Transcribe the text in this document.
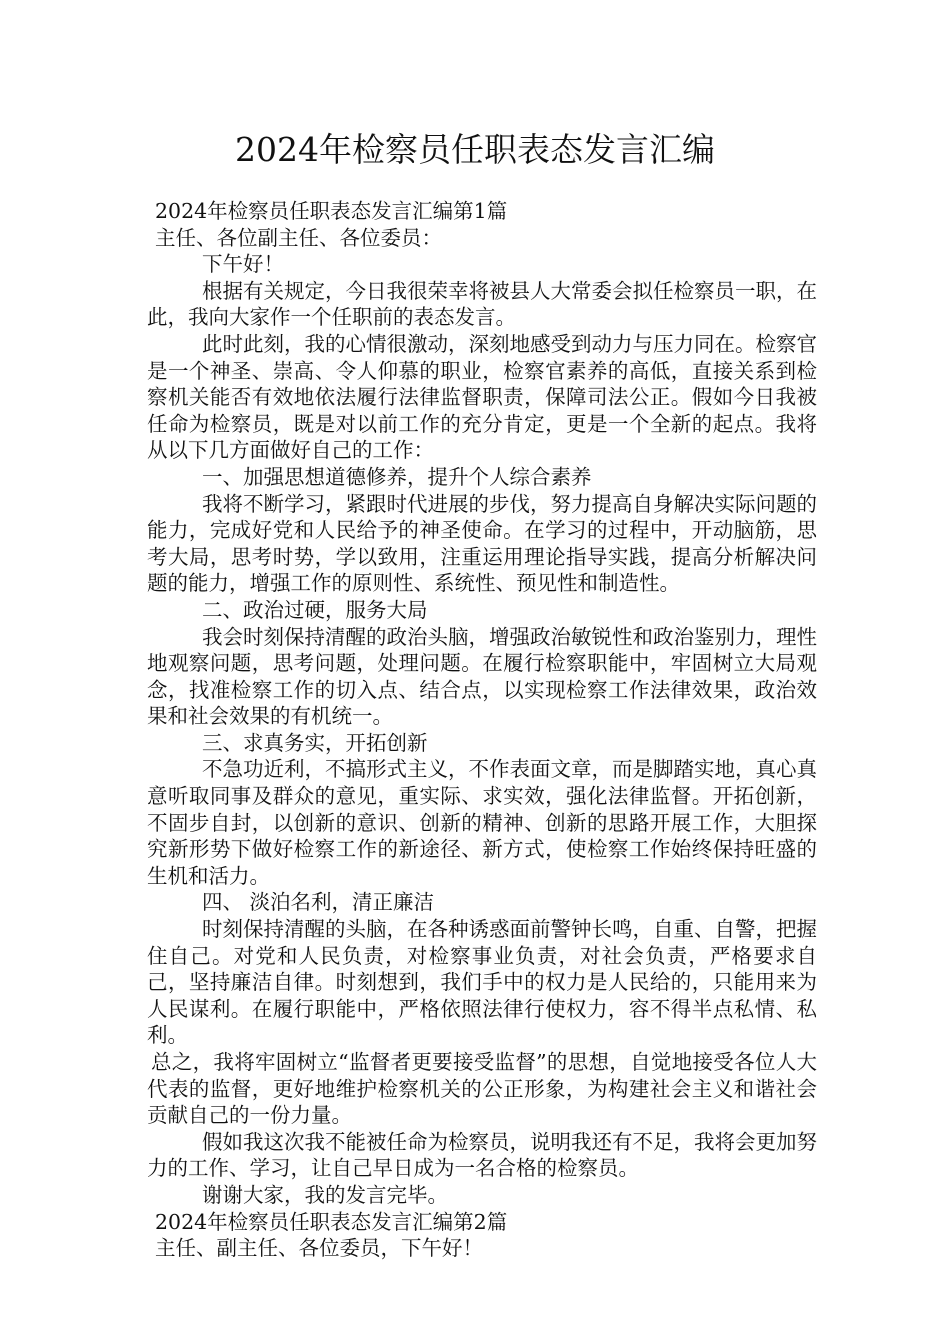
2024年检察员任职表态发言汇编

2024年检察员任职表态发言汇编第1篇

主任、各位副主任、各位委员：

下午好！

根据有关规定，今日我很荣幸将被县人大常委会拟任检察员一职，在此，我向大家作一个任职前的表态发言。

此时此刻，我的心情很激动，深刻地感受到动力与压力同在。检察官是一个神圣、崇高、令人仰慕的职业，检察官素养的高低，直接关系到检察机关能否有效地依法履行法律监督职责，保障司法公正。假如今日我被任命为检察员，既是对以前工作的充分肯定，更是一个全新的起点。我将从以下几方面做好自己的工作：

一、加强思想道德修养，提升个人综合素养

我将不断学习，紧跟时代进展的步伐，努力提高自身解决实际问题的能力，完成好党和人民给予的神圣使命。在学习的过程中，开动脑筋，思考大局，思考时势，学以致用，注重运用理论指导实践，提高分析解决问题的能力，增强工作的原则性、系统性、预见性和制造性。

二、政治过硬，服务大局

我会时刻保持清醒的政治头脑，增强政治敏锐性和政治鉴别力，理性地观察问题，思考问题，处理问题。在履行检察职能中，牢固树立大局观念，找准检察工作的切入点、结合点，以实现检察工作法律效果，政治效果和社会效果的有机统一。

三、求真务实，开拓创新

不急功近利，不搞形式主义，不作表面文章，而是脚踏实地，真心真意听取同事及群众的意见，重实际、求实效，强化法律监督。开拓创新，不固步自封，以创新的意识、创新的精神、创新的思路开展工作，大胆探究新形势下做好检察工作的新途径、新方式，使检察工作始终保持旺盛的生机和活力。

四、 淡泊名利，清正廉洁

时刻保持清醒的头脑，在各种诱惑面前警钟长鸣，自重、自警，把握住自己。对党和人民负责，对检察事业负责，对社会负责，严格要求自己，坚持廉洁自律。时刻想到，我们手中的权力是人民给的，只能用来为人民谋利。在履行职能中，严格依照法律行使权力，容不得半点私情、私利。

总之，我将牢固树立“监督者更要接受监督”的思想，自觉地接受各位人大代表的监督，更好地维护检察机关的公正形象，为构建社会主义和谐社会贡献自己的一份力量。

假如我这次我不能被任命为检察员，说明我还有不足，我将会更加努力的工作、学习，让自己早日成为一名合格的检察员。

谢谢大家，我的发言完毕。

2024年检察员任职表态发言汇编第2篇

主任、副主任、各位委员，下午好！
